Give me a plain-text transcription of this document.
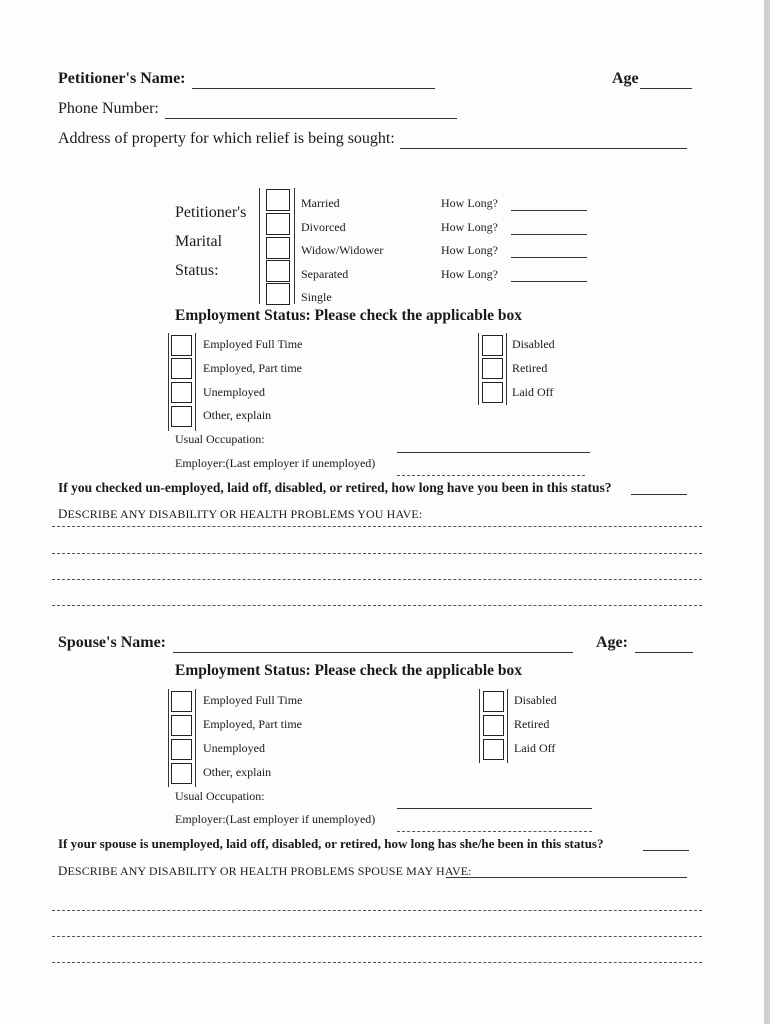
Petitioner's Name:	Age
Phone Number:
Address of property for which relief is being sought:
Petitioner's
Marital
Status:
Married
Divorced
Widow/Widower
Separated
Single
How Long?
How Long?
How Long?
How Long?
Employment Status: Please check the applicable box
Employed Full Time
Employed, Part time
Unemployed
Other, explain
Disabled
Retired
Laid Off
Usual Occupation:
Employer:(Last employer if unemployed)
If you checked un-employed, laid off, disabled, or retired, how long have you been in this status?
DESCRIBE ANY DISABILITY OR HEALTH PROBLEMS YOU HAVE:
Spouse's Name:	Age:
Employment Status: Please check the applicable box
Employed Full Time
Employed, Part time
Unemployed
Other, explain
Disabled
Retired
Laid Off
Usual Occupation:
Employer:(Last employer if unemployed)
If your spouse is unemployed, laid off, disabled, or retired, how long has she/he been in this status?
DESCRIBE ANY DISABILITY OR HEALTH PROBLEMS SPOUSE MAY HAVE:
